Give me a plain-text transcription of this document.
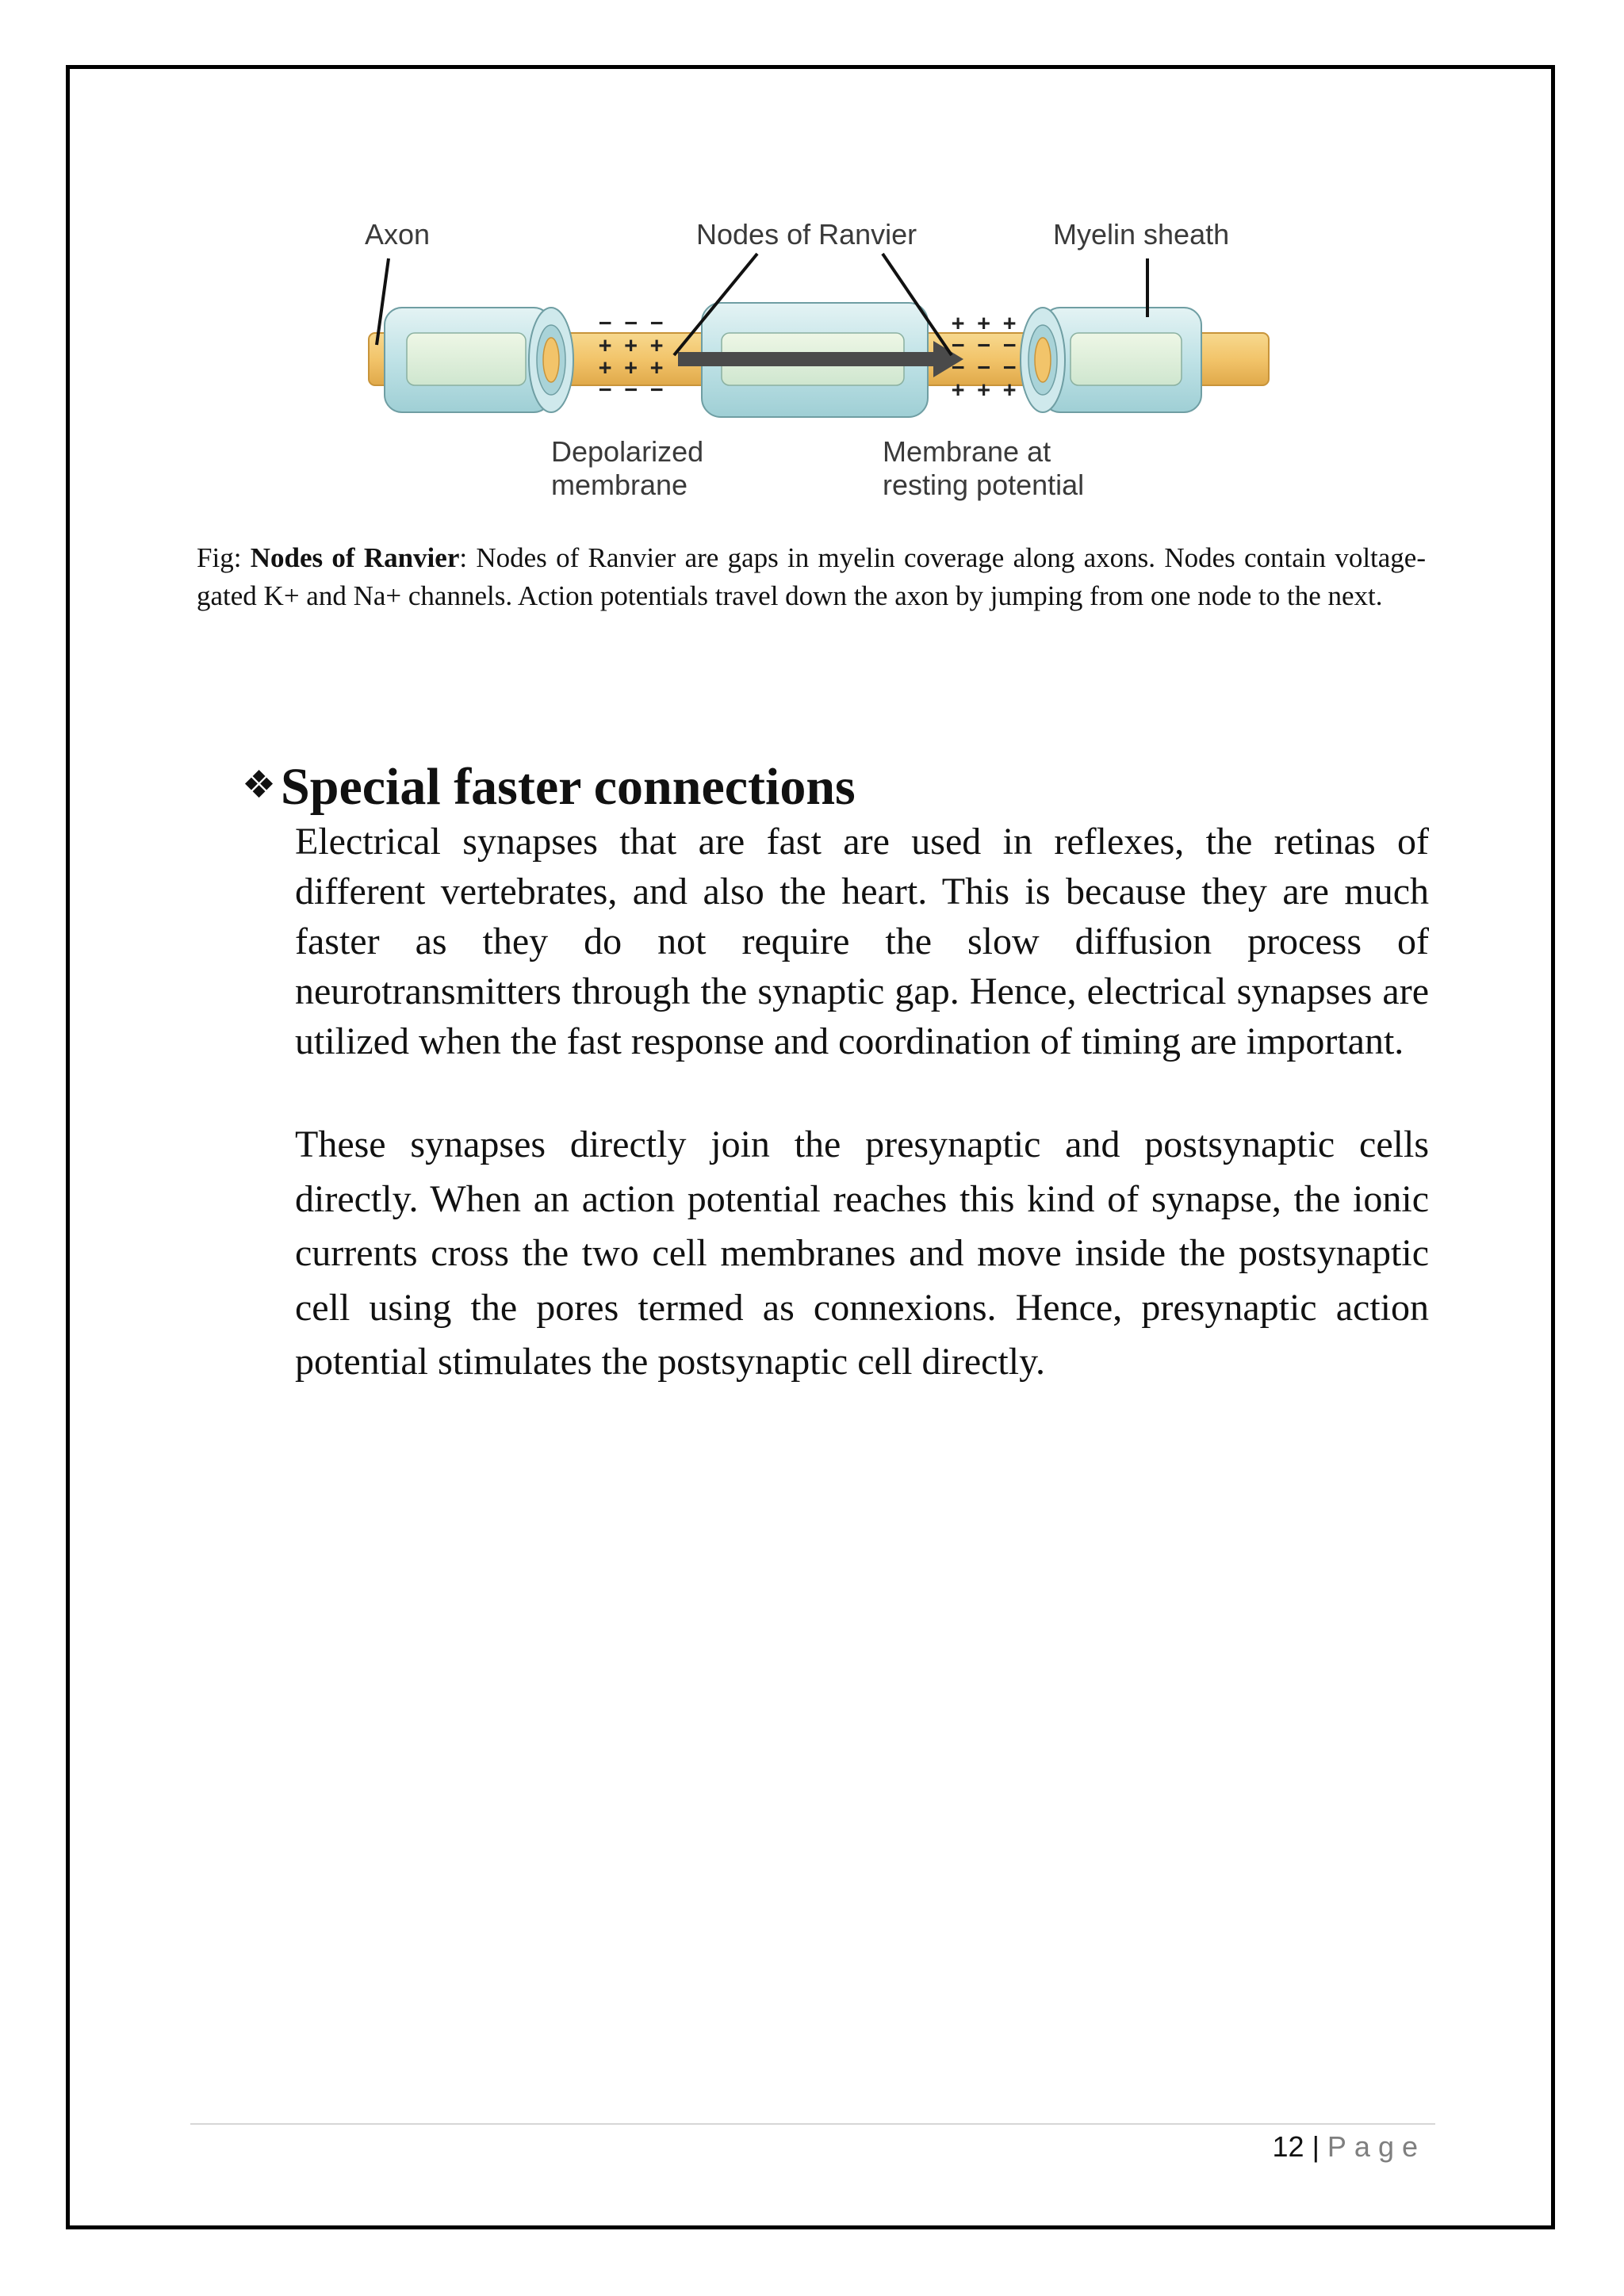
− − −
+ + +
+ + +
− − −
+ + +
− − −
− − −
+ + +
Axon	Nodes of Ranvier	Myelin sheath
Depolarized
membrane
Membrane at
resting potential
Fig: Nodes of Ranvier: Nodes of Ranvier are gaps in myelin coverage along axons. Nodes contain voltage-gated K+ and Na+ channels. Action potentials travel down the axon by jumping from one node to the next.
❖Special faster connections
Electrical synapses that are fast are used in reflexes, the retinas of different vertebrates, and also the heart. This is because they are much faster as they do not require the slow diffusion process of neurotransmitters through the synaptic gap. Hence, electrical synapses are utilized when the fast response and coordination of timing are important.
These synapses directly join the presynaptic and postsynaptic cells directly. When an action potential reaches this kind of synapse, the ionic currents cross the two cell membranes and move inside the postsynaptic cell using the pores termed as connexions. Hence, presynaptic action potential stimulates the postsynaptic cell directly.
12 | Page
